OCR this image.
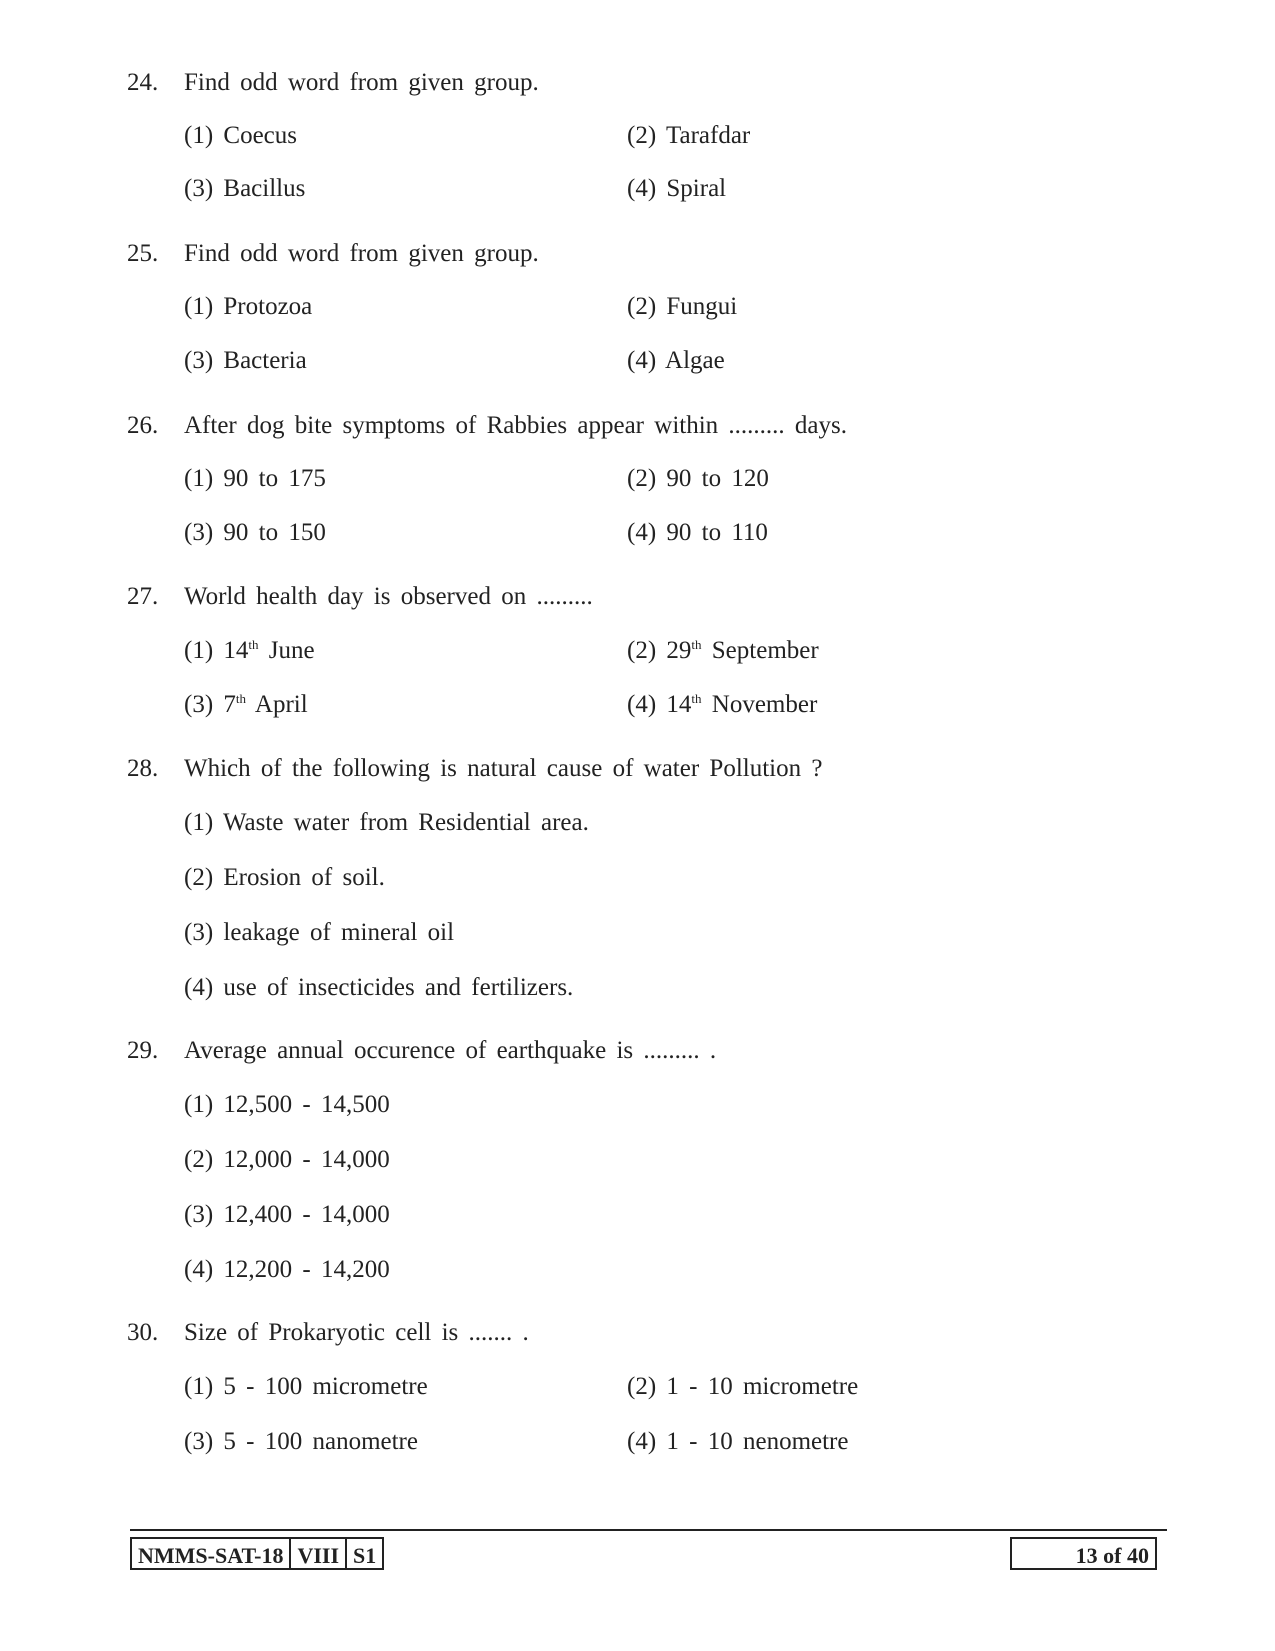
24. Find odd word from given group.
(1) Coecus	(2) Tarafdar
(3) Bacillus	(4) Spiral
25. Find odd word from given group.
(1) Protozoa	(2) Fungui
(3) Bacteria	(4) Algae
26. After dog bite symptoms of Rabbies appear within ......... days.
(1) 90 to 175	(2) 90 to 120
(3) 90 to 150	(4) 90 to 110
27. World health day is observed on .........
(1) 14th June	(2) 29th September
(3) 7th April	(4) 14th November
28. Which of the following is natural cause of water Pollution ?
(1) Waste water from Residential area.
(2) Erosion of soil.
(3) leakage of mineral oil
(4) use of insecticides and fertilizers.
29. Average annual occurence of earthquake is ......... .
(1) 12,500 - 14,500
(2) 12,000 - 14,000
(3) 12,400 - 14,000
(4) 12,200 - 14,200
30. Size of Prokaryotic cell is ....... .
(1) 5 - 100 micrometre	(2) 1 - 10 micrometre
(3) 5 - 100 nanometre	(4) 1 - 10 nenometre
NMMS-SAT-18 VIII S1	13 of 40
